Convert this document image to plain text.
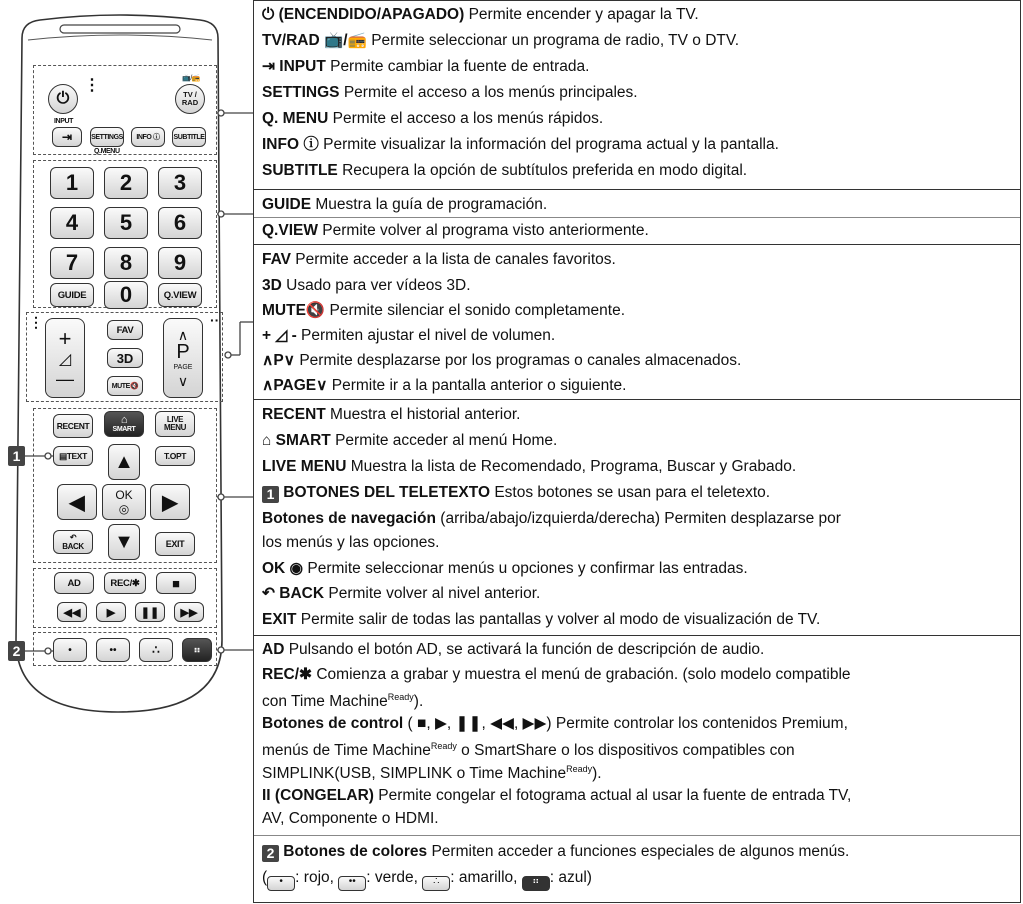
⏻
⋮	📺/📻
TV / RAD
INPUT
⇥	SETTINGS
Q.MENU
INFO ⓘ	SUBTITLE
1	2	3
4	5	6
7	8	9
GUIDE	0	Q.VIEW
⋮	··
+
◿
—
FAV
3D
MUTE 🔇
∧
P
PAGE
∨
RECENT	⌂
SMART
LIVE MENU
▤ TEXT	T.OPT
▲
◀	OK
◎ ▶
↶
BACK ▼	EXIT
AD	REC/✱	■
◀◀ ▶ ❚❚ ▶▶
•	••	∴	⠶
1
2
⏻ (ENCENDIDO/APAGADO) Permite encender y apagar la TV.
TV/RAD 📺/📻 Permite seleccionar un programa de radio, TV o DTV.
⇥ INPUT Permite cambiar la fuente de entrada.
SETTINGS Permite el acceso a los menús principales.
Q. MENU Permite el acceso a los menús rápidos.
INFO ⓘ Permite visualizar la información del programa actual y la pantalla.
SUBTITLE Recupera la opción de subtítulos preferida en modo digital.
GUIDE Muestra la guía de programación.
Q.VIEW Permite volver al programa visto anteriormente.
FAV Permite acceder a la lista de canales favoritos.
3D Usado para ver vídeos 3D.
MUTE🔇 Permite silenciar el sonido completamente.
+ ◿ - Permiten ajustar el nivel de volumen.
∧P∨ Permite desplazarse por los programas o canales almacenados.
∧PAGE∨ Permite ir a la pantalla anterior o siguiente.
RECENT Muestra el historial anterior.
⌂ SMART Permite acceder al menú Home.
LIVE MENU Muestra la lista de Recomendado, Programa, Buscar y Grabado.
1 BOTONES DEL TELETEXTO Estos botones se usan para el teletexto.
Botones de navegación (arriba/abajo/izquierda/derecha) Permiten desplazarse por
los menús y las opciones.
OK ◉ Permite seleccionar menús u opciones y confirmar las entradas.
↶ BACK Permite volver al nivel anterior.
EXIT Permite salir de todas las pantallas y volver al modo de visualización de TV.
AD Pulsando el botón AD, se activará la función de descripción de audio.
REC/✱ Comienza a grabar y muestra el menú de grabación. (solo modelo compatible
con Time Machine$^{Ready}$).
Botones de control ( ■, ▶, ❚❚, ◀◀, ▶▶) Permite controlar los contenidos Premium,
menús de Time Machine$^{Ready}$ o SmartShare o los dispositivos compatibles con
SIMPLINK(USB, SIMPLINK o Time Machine$^{Ready}$).
II (CONGELAR) Permite congelar el fotograma actual al usar la fuente de entrada TV,
AV, Componente o HDMI.
2 Botones de colores Permiten acceder a funciones especiales de algunos menús.
( • : rojo, •• : verde, ∴ : amarillo, ⠶ : azul)
